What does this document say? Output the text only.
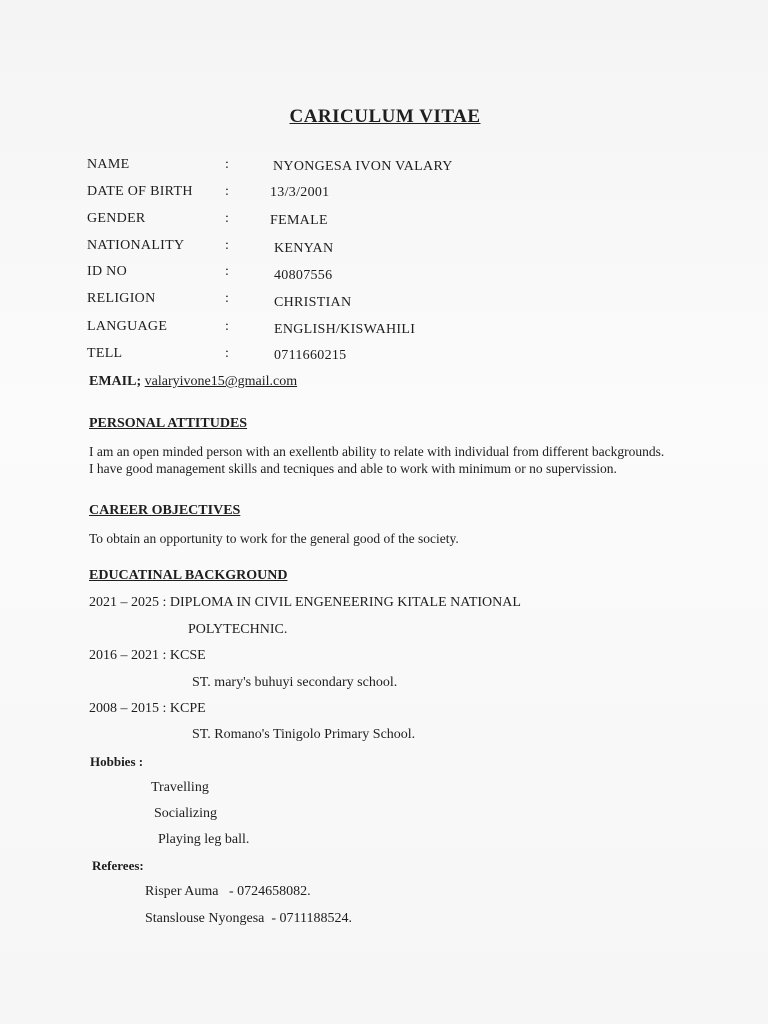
CARICULUM VITAE
NAME	:	NYONGESA IVON VALARY
DATE OF BIRTH :	13/3/2001
GENDER	:	FEMALE
NATIONALITY	:	KENYAN
ID NO	:	40807556
RELIGION	:	CHRISTIAN
LANGUAGE	:	ENGLISH/KISWAHILI
TELL	:	0711660215
EMAIL; valaryivone15@gmail.com
PERSONAL ATTITUDES
I am an open minded person with an exellentb ability to relate with individual from different backgrounds. I have good management skills and tecniques and able to work with minimum or no supervission.
CAREER OBJECTIVES
To obtain an opportunity to work for the general good of the society.
EDUCATINAL BACKGROUND
2021 – 2025 : DIPLOMA IN CIVIL ENGENEERING KITALE NATIONAL
POLYTECHNIC.
2016 – 2021 : KCSE
ST. mary's buhuyi secondary school.
2008 – 2015 : KCPE
ST. Romano's Tinigolo Primary School.
Hobbies :
Travelling
Socializing
Playing leg ball.
Referees:
Risper Auma   - 0724658082.
Stanslouse Nyongesa  - 0711188524.
